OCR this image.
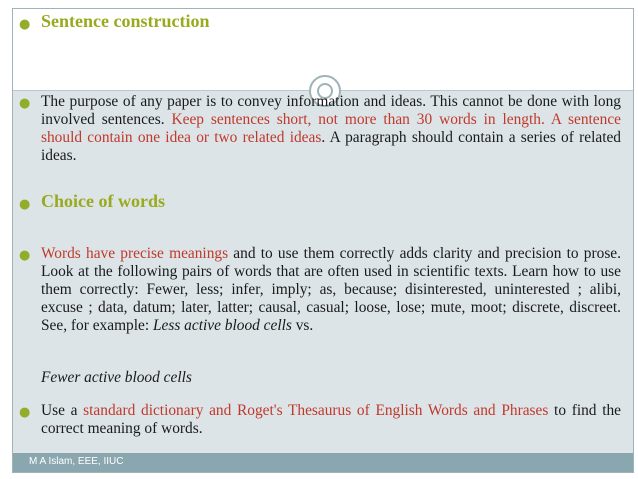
● Sentence construction
● The purpose of any paper is to convey information and ideas. This cannot be done with long involved sentences. Keep sentences short, not more than 30 words in length. A sentence should contain one idea or two related ideas. A paragraph should contain a series of related ideas.
● Choice of words
● Words have precise meanings and to use them correctly adds clarity and precision to prose. Look at the following pairs of words that are often used in scientific texts. Learn how to use them correctly: Fewer, less; infer, imply; as, because; disinterested, uninterested ; alibi, excuse ; data, datum; later, latter; causal, casual; loose, lose; mute, moot; discrete, discreet. See, for example: Less active blood cells vs.
Fewer active blood cells
● Use a standard dictionary and Roget's Thesaurus of English Words and Phrases to find the correct meaning of words.
M A Islam, EEE, IIUC
